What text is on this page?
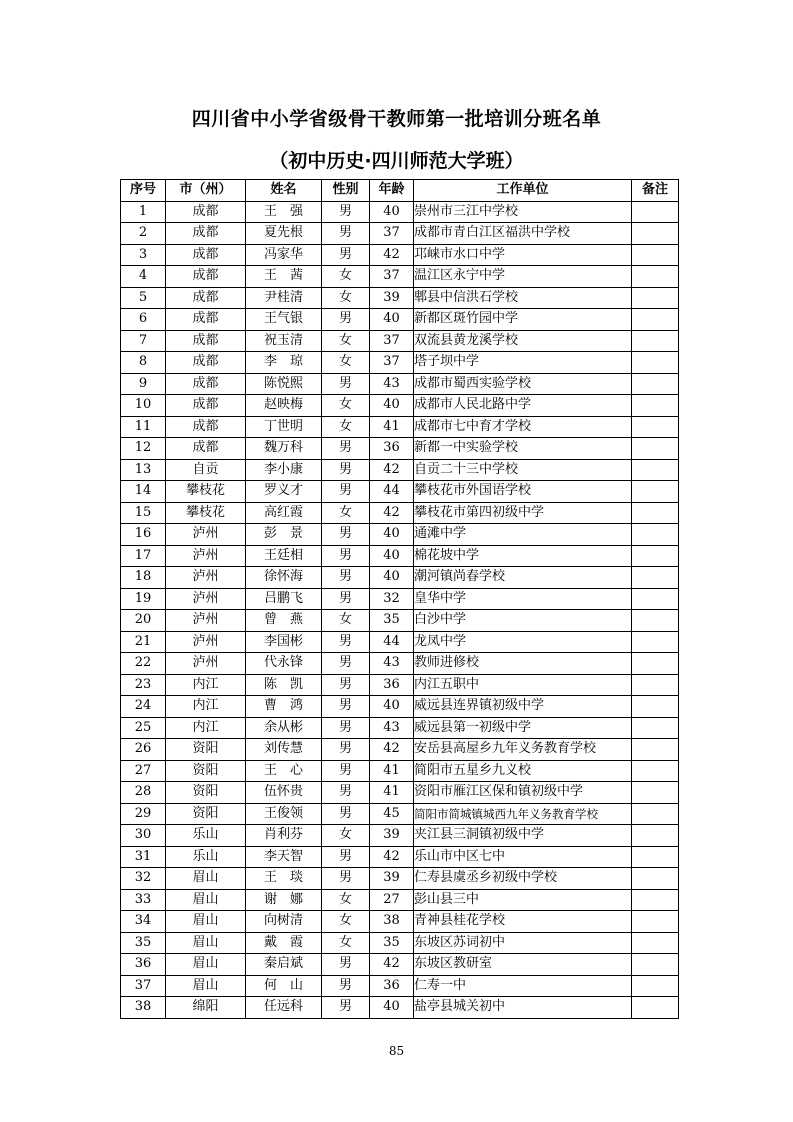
四川省中小学省级骨干教师第一批培训分班名单
（初中历史·四川师范大学班）
序号	市（州）	姓名	性别	年龄	工作单位	备注
1	成都	王　强	男	40	崇州市三江中学校	
2	成都	夏先根	男	37	成都市青白江区福洪中学校	
3	成都	冯家华	男	42	邛崃市水口中学	
4	成都	王　茜	女	37	温江区永宁中学	
5	成都	尹桂清	女	39	郫县中信洪石学校	
6	成都	王气银	男	40	新都区斑竹园中学	
7	成都	祝玉清	女	37	双流县黄龙溪学校	
8	成都	李　琼	女	37	塔子坝中学	
9	成都	陈悦熙	男	43	成都市蜀西实验学校	
10	成都	赵映梅	女	40	成都市人民北路中学	
11	成都	丁世明	女	41	成都市七中育才学校	
12	成都	魏万科	男	36	新都一中实验学校	
13	自贡	李小康	男	42	自贡二十三中学校	
14	攀枝花	罗义才	男	44	攀枝花市外国语学校	
15	攀枝花	高红霞	女	42	攀枝花市第四初级中学	
16	泸州	彭　景	男	40	通滩中学	
17	泸州	王廷相	男	40	棉花坡中学	
18	泸州	徐怀海	男	40	潮河镇尚春学校	
19	泸州	吕鹏飞	男	32	皇华中学	
20	泸州	曾　燕	女	35	白沙中学	
21	泸州	李国彬	男	44	龙凤中学	
22	泸州	代永锋	男	43	教师进修校	
23	内江	陈　凯	男	36	内江五职中	
24	内江	曹　鸿	男	40	威远县连界镇初级中学	
25	内江	余从彬	男	43	威远县第一初级中学	
26	资阳	刘传慧	男	42	安岳县高屋乡九年义务教育学校	
27	资阳	王　心	男	41	简阳市五星乡九义校	
28	资阳	伍怀贵	男	41	资阳市雁江区保和镇初级中学	
29	资阳	王俊领	男	45	简阳市简城镇城西九年义务教育学校	
30	乐山	肖利芬	女	39	夹江县三洞镇初级中学	
31	乐山	李天智	男	42	乐山市中区七中	
32	眉山	王　琰	男	39	仁寿县虞丞乡初级中学校	
33	眉山	谢　娜	女	27	彭山县三中	
34	眉山	向树清	女	38	青神县桂花学校	
35	眉山	戴　霞	女	35	东坡区苏词初中	
36	眉山	秦启斌	男	42	东坡区教研室	
37	眉山	何　山	男	36	仁寿一中	
38	绵阳	任远科	男	40	盐亭县城关初中	
85
